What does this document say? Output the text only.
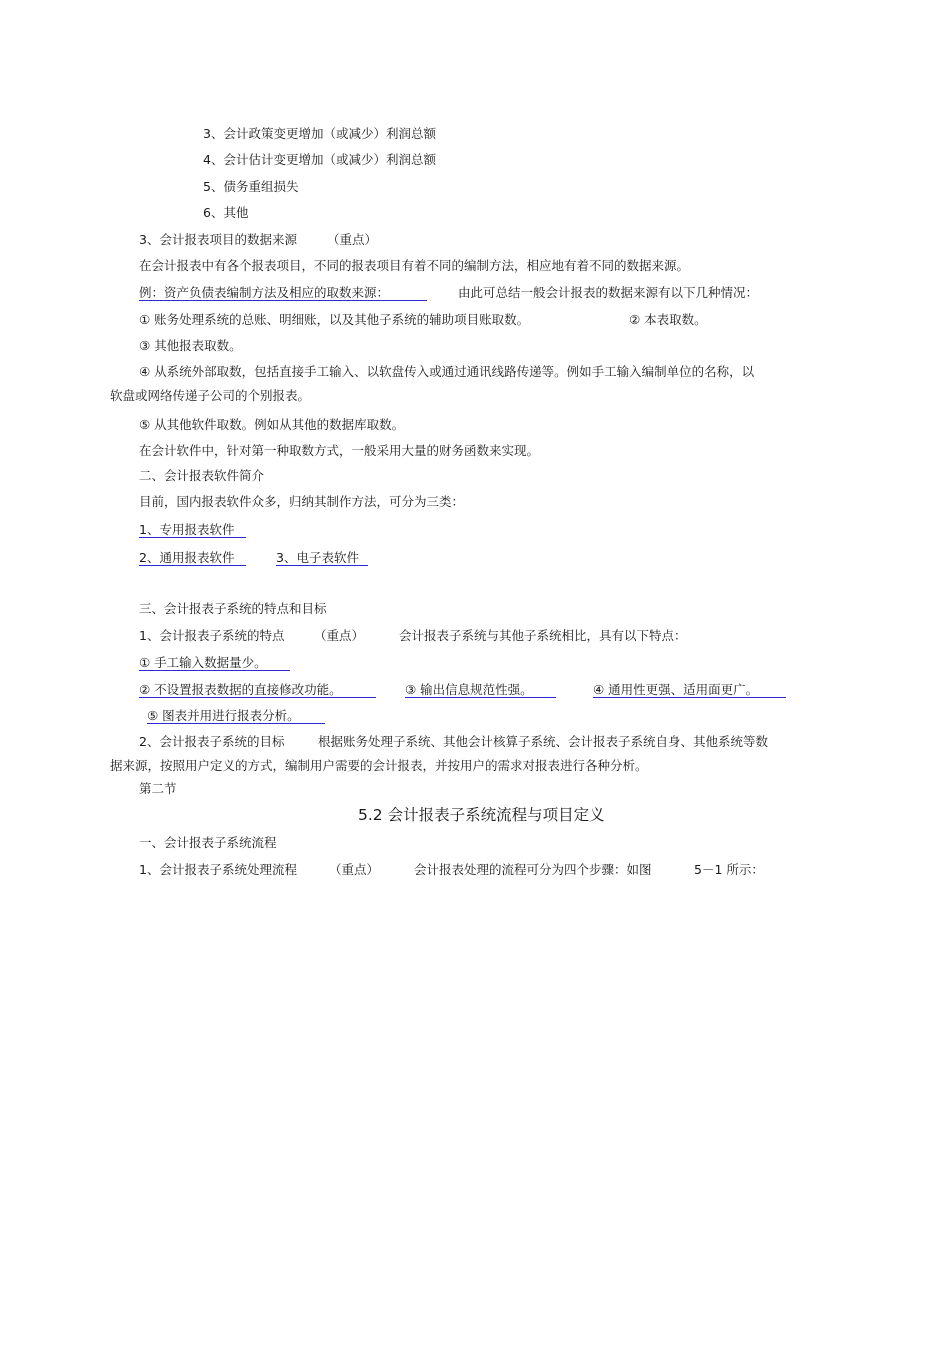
3、会计政策变更增加（或减少）利润总额
4、会计估计变更增加（或减少）利润总额
5、债务重组损失
6、其他
3、会计报表项目的数据来源 （重点）
在会计报表中有各个报表项目，不同的报表项目有着不同的编制方法，相应地有着不同的数据来源。
例：资产负债表编制方法及相应的取数来源：	由此可总结一般会计报表的数据来源有以下几种情况：
① 账务处理系统的总账、明细账，以及其他子系统的辅助项目账取数。	② 本表取数。
③ 其他报表取数。
④ 从系统外部取数，包括直接手工输入、以软盘传入或通过通讯线路传递等。例如手工输入编制单位的名称，以
软盘或网络传递子公司的个别报表。
⑤ 从其他软件取数。例如从其他的数据库取数。
在会计软件中，针对第一种取数方式，一般采用大量的财务函数来实现。
二、会计报表软件简介
目前，国内报表软件众多，归纳其制作方法，可分为三类：
1、专用报表软件
2、通用报表软件	3、电子表软件
三、会计报表子系统的特点和目标
1、会计报表子系统的特点 （重点）	会计报表子系统与其他子系统相比，具有以下特点：
① 手工输入数据量少。
② 不设置报表数据的直接修改功能。	③ 输出信息规范性强。	④ 通用性更强、适用面更广。
⑤ 图表并用进行报表分析。
2、会计报表子系统的目标	根据账务处理子系统、其他会计核算子系统、会计报表子系统自身、其他系统等数
据来源，按照用户定义的方式，编制用户需要的会计报表，并按用户的需求对报表进行各种分析。
第二节
5.2 会计报表子系统流程与项目定义
一、会计报表子系统流程
1、会计报表子系统处理流程	（重点）	会计报表处理的流程可分为四个步骤：如图	5－1 所示：
